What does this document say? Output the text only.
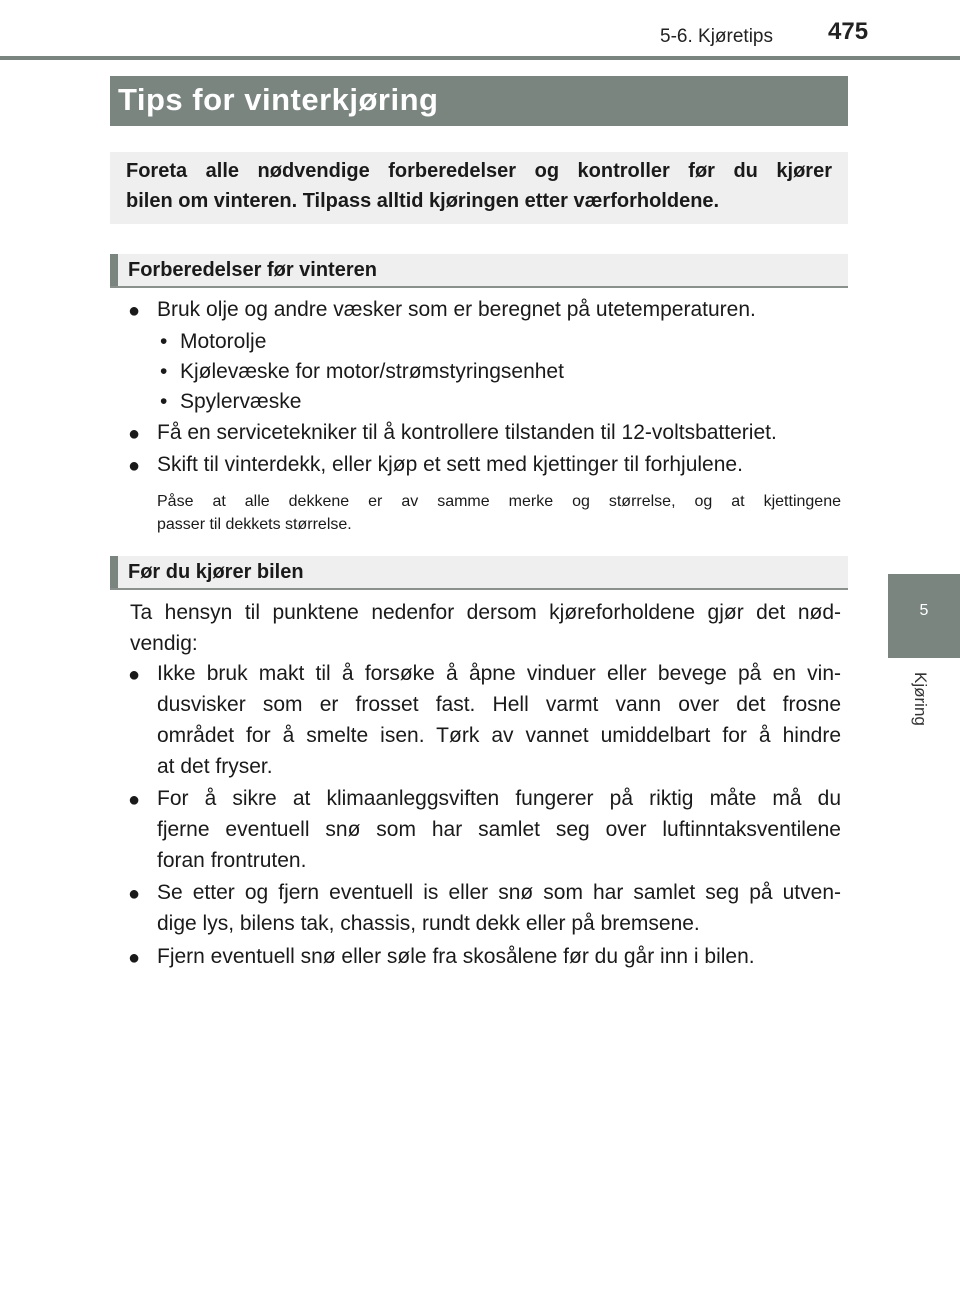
5-6. Kjøretips 475
5
Kjøring
Tips for vinterkjøring
Foreta alle nødvendige forberedelser og kontroller før du kjører
bilen om vinteren. Tilpass alltid kjøringen etter værforholdene.
Forberedelser før vinteren
● Bruk olje og andre væsker som er beregnet på utetemperaturen.
• Motorolje
• Kjølevæske for motor/strømstyringsenhet
• Spylervæske
● Få en servicetekniker til å kontrollere tilstanden til 12-voltsbatteriet.
● Skift til vinterdekk, eller kjøp et sett med kjettinger til forhjulene.
Påse at alle dekkene er av samme merke og størrelse, og at kjettingene
passer til dekkets størrelse.
Før du kjører bilen
Ta hensyn til punktene nedenfor dersom kjøreforholdene gjør det nød-
vendig:
● Ikke bruk makt til å forsøke å åpne vinduer eller bevege på en vin-
dusvisker som er frosset fast. Hell varmt vann over det frosne
området for å smelte isen. Tørk av vannet umiddelbart for å hindre
at det fryser.
● For å sikre at klimaanleggsviften fungerer på riktig måte må du
fjerne eventuell snø som har samlet seg over luftinntaksventilene
foran frontruten.
● Se etter og fjern eventuell is eller snø som har samlet seg på utven-
dige lys, bilens tak, chassis, rundt dekk eller på bremsene.
● Fjern eventuell snø eller søle fra skosålene før du går inn i bilen.
